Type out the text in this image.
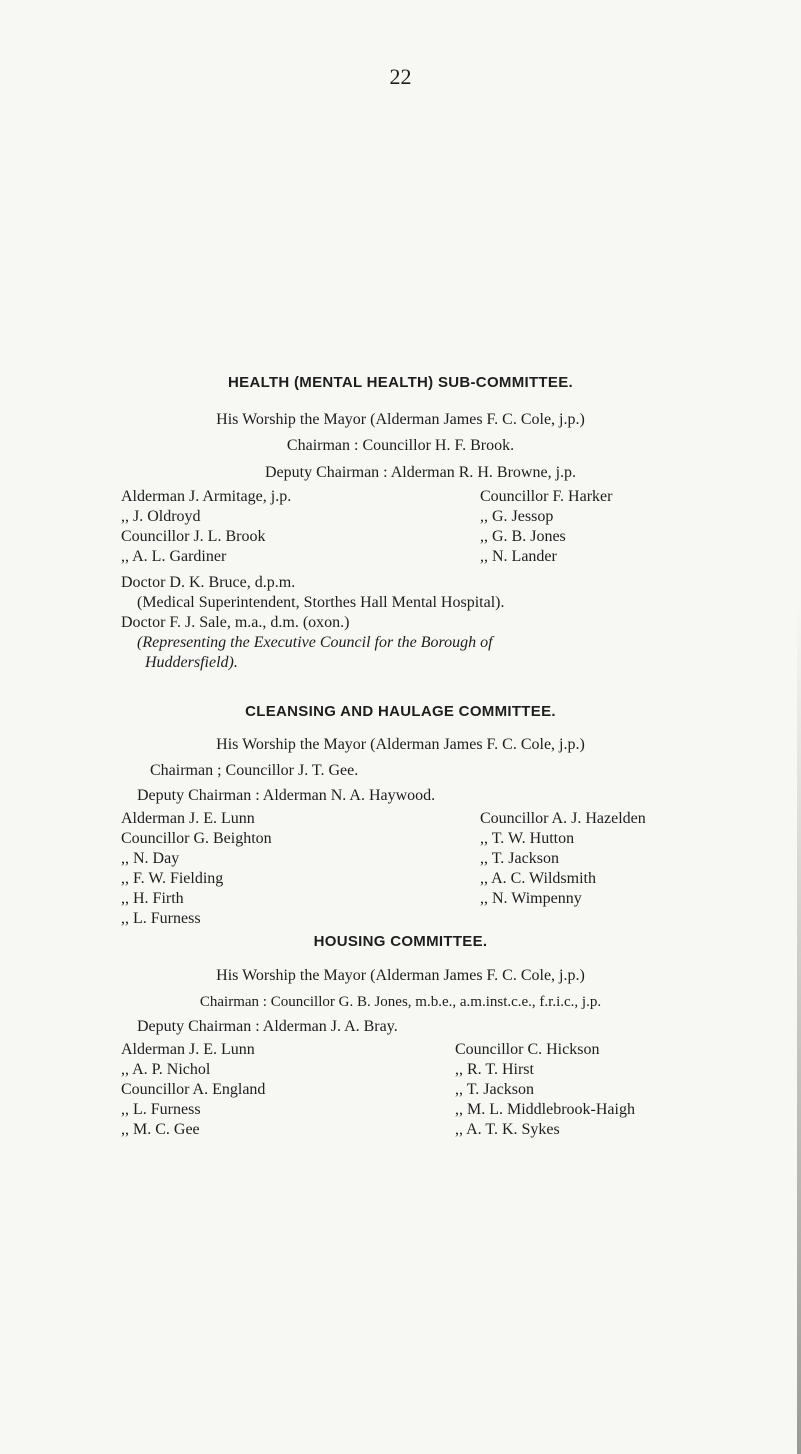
22
HEALTH (MENTAL HEALTH) SUB-COMMITTEE.
His Worship the Mayor (Alderman James F. C. Cole, j.p.)
Chairman : Councillor H. F. Brook.
Deputy Chairman : Alderman R. H. Browne, j.p.
Alderman J. Armitage, j.p.
,, J. Oldroyd
Councillor J. L. Brook
,, A. L. Gardiner
Councillor F. Harker
,, G. Jessop
,, G. B. Jones
,, N. Lander
Doctor D. K. Bruce, d.p.m.
(Medical Superintendent, Storthes Hall Mental Hospital).
Doctor F. J. Sale, m.a., d.m. (oxon.)
(Representing the Executive Council for the Borough of
Huddersfield).
CLEANSING AND HAULAGE COMMITTEE.
His Worship the Mayor (Alderman James F. C. Cole, j.p.)
Chairman ; Councillor J. T. Gee.
Deputy Chairman : Alderman N. A. Haywood.
Alderman J. E. Lunn
Councillor G. Beighton
,, N. Day
,, F. W. Fielding
,, H. Firth
,, L. Furness
Councillor A. J. Hazelden
,, T. W. Hutton
,, T. Jackson
,, A. C. Wildsmith
,, N. Wimpenny
HOUSING COMMITTEE.
His Worship the Mayor (Alderman James F. C. Cole, j.p.)
Chairman : Councillor G. B. Jones, m.b.e., a.m.inst.c.e., f.r.i.c., j.p.
Deputy Chairman : Alderman J. A. Bray.
Alderman J. E. Lunn
,, A. P. Nichol
Councillor A. England
,, L. Furness
,, M. C. Gee
Councillor C. Hickson
,, R. T. Hirst
,, T. Jackson
,, M. L. Middlebrook-Haigh
,, A. T. K. Sykes
